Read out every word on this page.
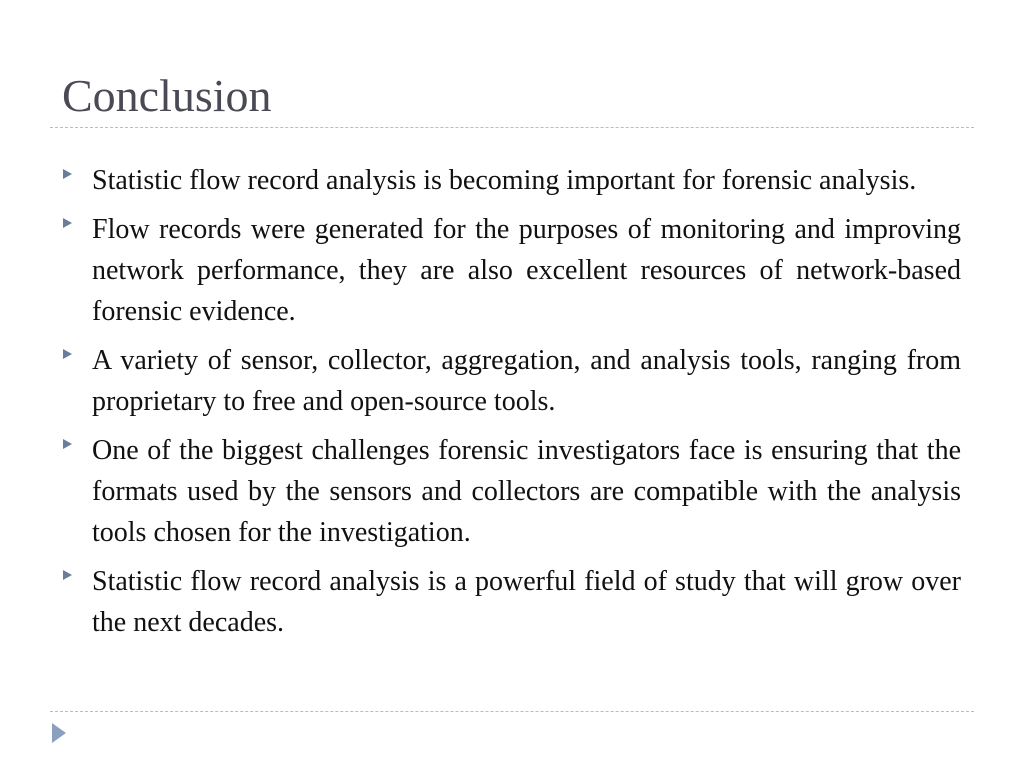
Conclusion
Statistic flow record analysis is becoming important for forensic analysis.
Flow records were generated for the purposes of monitoring and improving network performance, they are also excellent resources of network-based forensic evidence.
A variety of sensor, collector, aggregation, and analysis tools, ranging from proprietary to free and open-source tools.
One of the biggest challenges forensic investigators face is ensuring that the formats used by the sensors and collectors are compatible with the analysis tools chosen for the investigation.
Statistic flow record analysis is a powerful field of study that will grow over the next decades.
